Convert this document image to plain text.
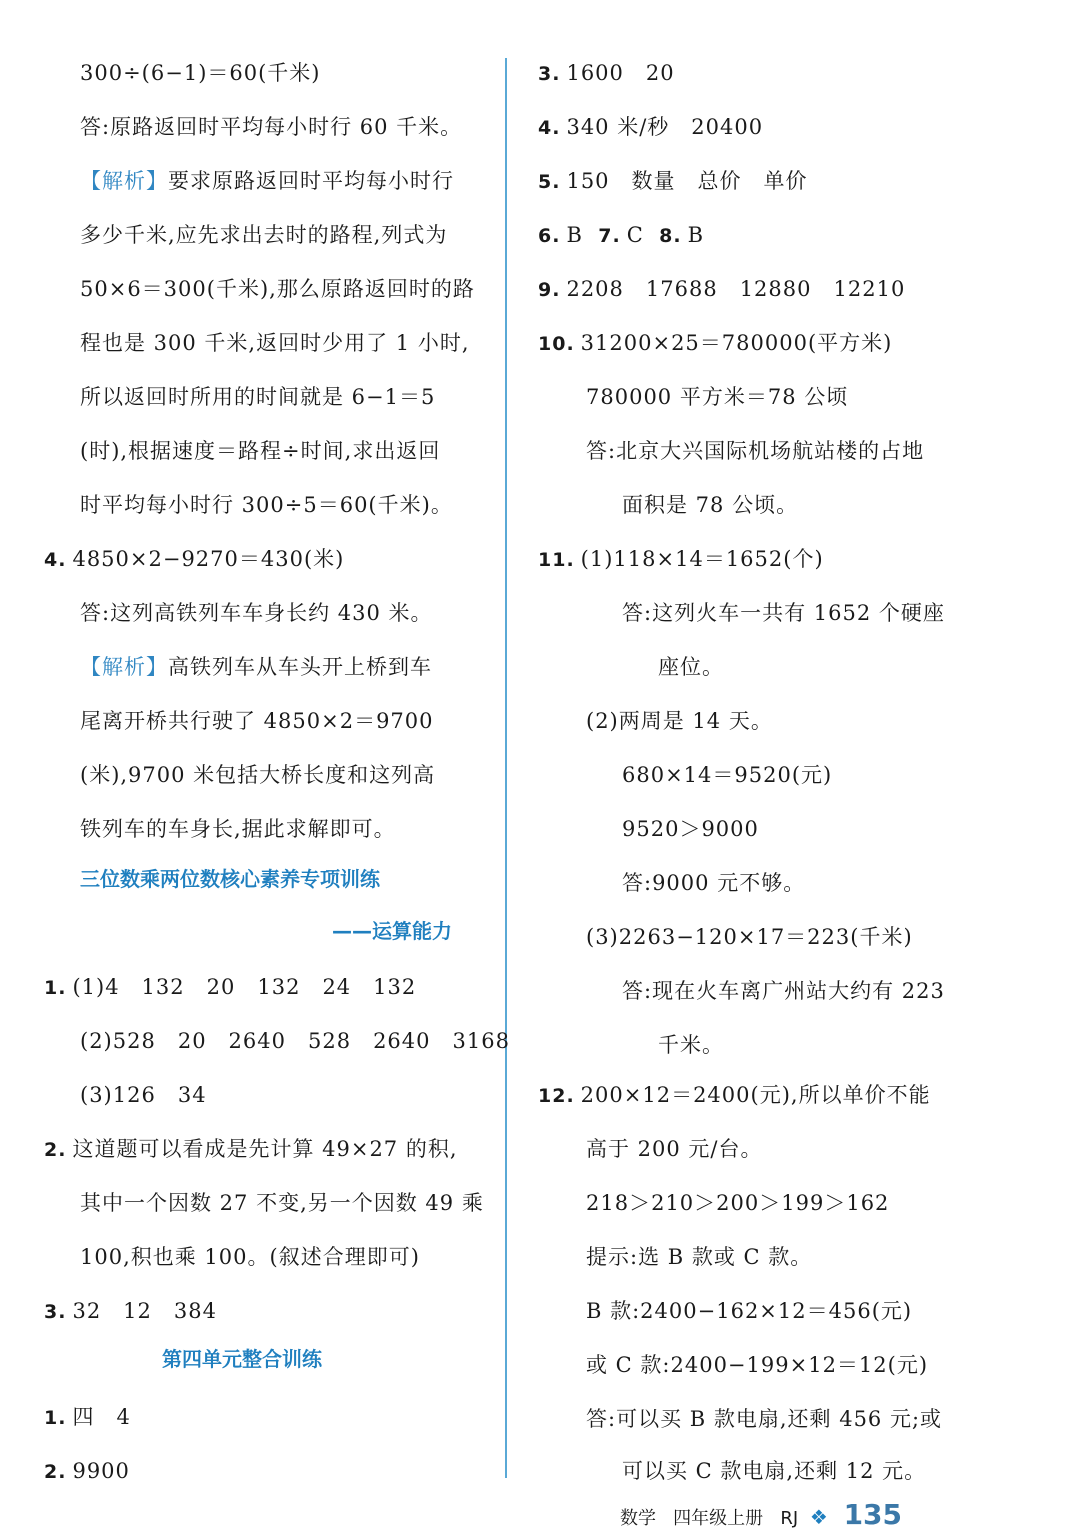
300÷(6−1)＝60(千米)
答:原路返回时平均每小时行 60 千米。
【解析】要求原路返回时平均每小时行
多少千米,应先求出去时的路程,列式为
50×6＝300(千米),那么原路返回时的路
程也是 300 千米,返回时少用了 1 小时,
所以返回时所用的时间就是 6−1＝5
(时),根据速度＝路程÷时间,求出返回
时平均每小时行 300÷5＝60(千米)。
4. 4850×2−9270＝430(米)
答:这列高铁列车车身长约 430 米。
【解析】高铁列车从车头开上桥到车
尾离开桥共行驶了 4850×2＝9700
(米),9700 米包括大桥长度和这列高
铁列车的车身长,据此求解即可。
三位数乘两位数核心素养专项训练
——运算能力
1. (1)4　132　20　132　24　132
(2)528　20　2640　528　2640　3168
(3)126　34
2. 这道题可以看成是先计算 49×27 的积,
其中一个因数 27 不变,另一个因数 49 乘
100,积也乘 100。(叙述合理即可)
3. 32　12　384
第四单元整合训练
1. 四　4
2. 9900
3. 1600　20
4. 340 米/秒　20400
5. 150　数量　总价　单价
6. B 7. C 8. B
9. 2208　17688　12880　12210
10. 31200×25＝780000(平方米)
780000 平方米＝78 公顷
答:北京大兴国际机场航站楼的占地
面积是 78 公顷。
11. (1)118×14＝1652(个)
答:这列火车一共有 1652 个硬座
座位。
(2)两周是 14 天。
680×14＝9520(元)
9520＞9000
答:9000 元不够。
(3)2263−120×17＝223(千米)
答:现在火车离广州站大约有 223
千米。
12. 200×12＝2400(元),所以单价不能
高于 200 元/台。
218＞210＞200＞199＞162
提示:选 B 款或 C 款。
B 款:2400−162×12＝456(元)
或 C 款:2400−199×12＝12(元)
答:可以买 B 款电扇,还剩 456 元;或
可以买 C 款电扇,还剩 12 元。
数学 四年级上册 RJ ❖ 135
